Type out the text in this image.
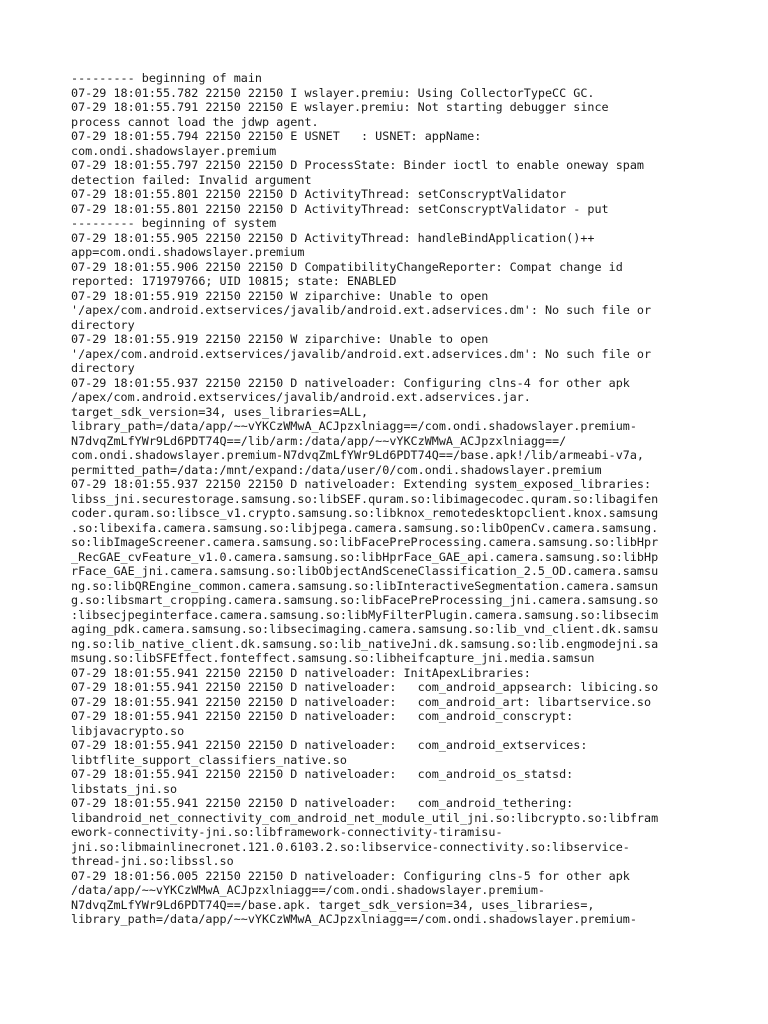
--------- beginning of main
07-29 18:01:55.782 22150 22150 I wslayer.premiu: Using CollectorTypeCC GC.
07-29 18:01:55.791 22150 22150 E wslayer.premiu: Not starting debugger since
process cannot load the jdwp agent.
07-29 18:01:55.794 22150 22150 E USNET   : USNET: appName:
com.ondi.shadowslayer.premium
07-29 18:01:55.797 22150 22150 D ProcessState: Binder ioctl to enable oneway spam
detection failed: Invalid argument
07-29 18:01:55.801 22150 22150 D ActivityThread: setConscryptValidator
07-29 18:01:55.801 22150 22150 D ActivityThread: setConscryptValidator - put
--------- beginning of system
07-29 18:01:55.905 22150 22150 D ActivityThread: handleBindApplication()++
app=com.ondi.shadowslayer.premium
07-29 18:01:55.906 22150 22150 D CompatibilityChangeReporter: Compat change id
reported: 171979766; UID 10815; state: ENABLED
07-29 18:01:55.919 22150 22150 W ziparchive: Unable to open
'/apex/com.android.extservices/javalib/android.ext.adservices.dm': No such file or
directory
07-29 18:01:55.919 22150 22150 W ziparchive: Unable to open
'/apex/com.android.extservices/javalib/android.ext.adservices.dm': No such file or
directory
07-29 18:01:55.937 22150 22150 D nativeloader: Configuring clns-4 for other apk
/apex/com.android.extservices/javalib/android.ext.adservices.jar.
target_sdk_version=34, uses_libraries=ALL,
library_path=/data/app/~~vYKCzWMwA_ACJpzxlniagg==/com.ondi.shadowslayer.premium-
N7dvqZmLfYWr9Ld6PDT74Q==/lib/arm:/data/app/~~vYKCzWMwA_ACJpzxlniagg==/
com.ondi.shadowslayer.premium-N7dvqZmLfYWr9Ld6PDT74Q==/base.apk!/lib/armeabi-v7a,
permitted_path=/data:/mnt/expand:/data/user/0/com.ondi.shadowslayer.premium
07-29 18:01:55.937 22150 22150 D nativeloader: Extending system_exposed_libraries:
libss_jni.securestorage.samsung.so:libSEF.quram.so:libimagecodec.quram.so:libagifen
coder.quram.so:libsce_v1.crypto.samsung.so:libknox_remotedesktopclient.knox.samsung
.so:libexifa.camera.samsung.so:libjpega.camera.samsung.so:libOpenCv.camera.samsung.
so:libImageScreener.camera.samsung.so:libFacePreProcessing.camera.samsung.so:libHpr
_RecGAE_cvFeature_v1.0.camera.samsung.so:libHprFace_GAE_api.camera.samsung.so:libHp
rFace_GAE_jni.camera.samsung.so:libObjectAndSceneClassification_2.5_OD.camera.samsu
ng.so:libQREngine_common.camera.samsung.so:libInteractiveSegmentation.camera.samsun
g.so:libsmart_cropping.camera.samsung.so:libFacePreProcessing_jni.camera.samsung.so
:libsecjpeginterface.camera.samsung.so:libMyFilterPlugin.camera.samsung.so:libsecim
aging_pdk.camera.samsung.so:libsecimaging.camera.samsung.so:lib_vnd_client.dk.samsu
ng.so:lib_native_client.dk.samsung.so:lib_nativeJni.dk.samsung.so:lib.engmodejni.sa
msung.so:libSFEffect.fonteffect.samsung.so:libheifcapture_jni.media.samsun
07-29 18:01:55.941 22150 22150 D nativeloader: InitApexLibraries:
07-29 18:01:55.941 22150 22150 D nativeloader:   com_android_appsearch: libicing.so
07-29 18:01:55.941 22150 22150 D nativeloader:   com_android_art: libartservice.so
07-29 18:01:55.941 22150 22150 D nativeloader:   com_android_conscrypt:
libjavacrypto.so
07-29 18:01:55.941 22150 22150 D nativeloader:   com_android_extservices:
libtflite_support_classifiers_native.so
07-29 18:01:55.941 22150 22150 D nativeloader:   com_android_os_statsd:
libstats_jni.so
07-29 18:01:55.941 22150 22150 D nativeloader:   com_android_tethering:
libandroid_net_connectivity_com_android_net_module_util_jni.so:libcrypto.so:libfram
ework-connectivity-jni.so:libframework-connectivity-tiramisu-
jni.so:libmainlinecronet.121.0.6103.2.so:libservice-connectivity.so:libservice-
thread-jni.so:libssl.so
07-29 18:01:56.005 22150 22150 D nativeloader: Configuring clns-5 for other apk
/data/app/~~vYKCzWMwA_ACJpzxlniagg==/com.ondi.shadowslayer.premium-
N7dvqZmLfYWr9Ld6PDT74Q==/base.apk. target_sdk_version=34, uses_libraries=,
library_path=/data/app/~~vYKCzWMwA_ACJpzxlniagg==/com.ondi.shadowslayer.premium-
